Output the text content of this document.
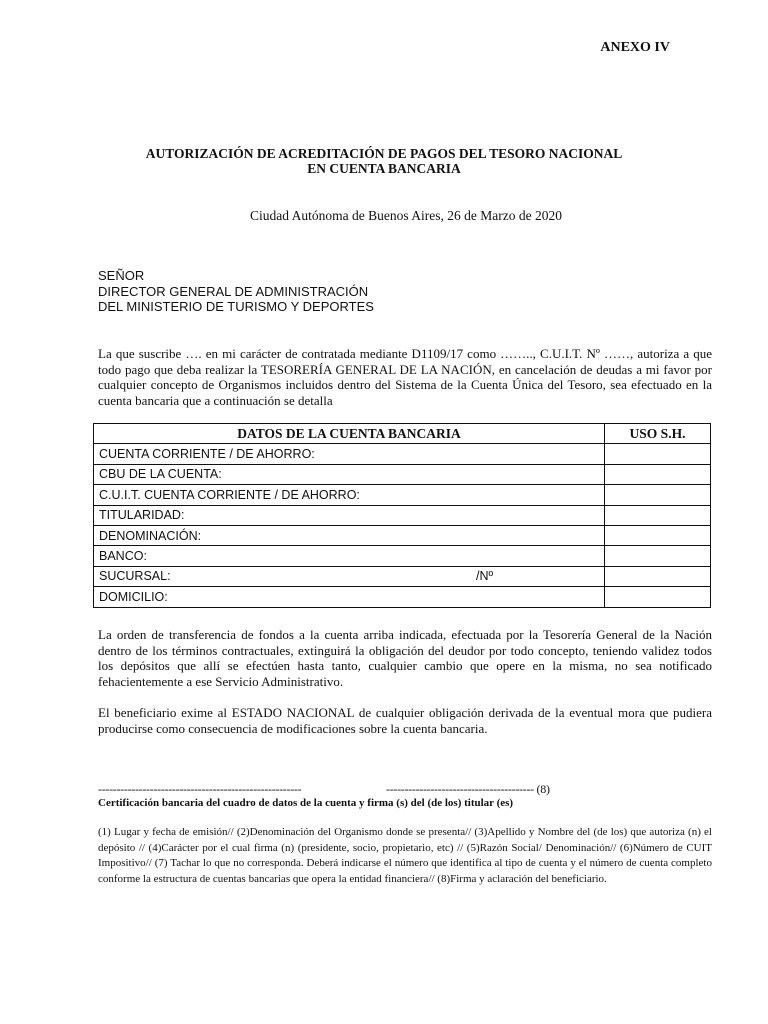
ANEXO IV
AUTORIZACIÓN DE ACREDITACIÓN DE PAGOS DEL TESORO NACIONAL
EN CUENTA BANCARIA
Ciudad Autónoma de Buenos Aires, 26 de Marzo de 2020
SEÑOR
DIRECTOR GENERAL DE ADMINISTRACIÓN
DEL MINISTERIO DE TURISMO Y DEPORTES
La que suscribe …. en mi carácter de contratada mediante D1109/17 como …….., C.U.I.T. Nº ……, autoriza a que todo pago que deba realizar la TESORERÍA GENERAL DE LA NACIÓN, en cancelación de deudas a mi favor por cualquier concepto de Organismos incluidos dentro del Sistema de la Cuenta Única del Tesoro, sea efectuado en la cuenta bancaria que a continuación se detalla
DATOS DE LA CUENTA BANCARIA	USO S.H.
CUENTA CORRIENTE / DE AHORRO:	
CBU DE LA CUENTA:	
C.U.I.T. CUENTA CORRIENTE / DE AHORRO:	
TITULARIDAD:	
DENOMINACIÓN:	
BANCO:	
SUCURSAL: /Nº	

DOMICILIO:	
La orden de transferencia de fondos a la cuenta arriba indicada, efectuada por la Tesorería General de la Nación dentro de los términos contractuales, extinguirá la obligación del deudor por todo concepto, teniendo validez todos los depósitos que allí se efectúen hasta tanto, cualquier cambio que opere en la misma, no sea notificado fehacientemente a ese Servicio Administrativo.
El beneficiario exime al ESTADO NACIONAL de cualquier obligación derivada de la eventual mora que pudiera producirse como consecuencia de modificaciones sobre la cuenta bancaria.
-------------------------------------------------------	---------------------------------------- (8)
Certificación bancaria del cuadro de datos de la cuenta y firma (s) del (de los) titular (es)
(1) Lugar y fecha de emisión// (2)Denominación del Organismo donde se presenta// (3)Apellido y Nombre del (de los) que autoriza (n) el depósito // (4)Carácter por el cual firma (n) (presidente, socio, propietario, etc) // (5)Razón Social/ Denominación// (6)Número de CUIT Impositivo// (7) Tachar lo que no corresponda. Deberá indicarse el número que identifica al tipo de cuenta y el número de cuenta completo conforme la estructura de cuentas bancarias que opera la entidad financiera// (8)Firma y aclaración del beneficiario.
